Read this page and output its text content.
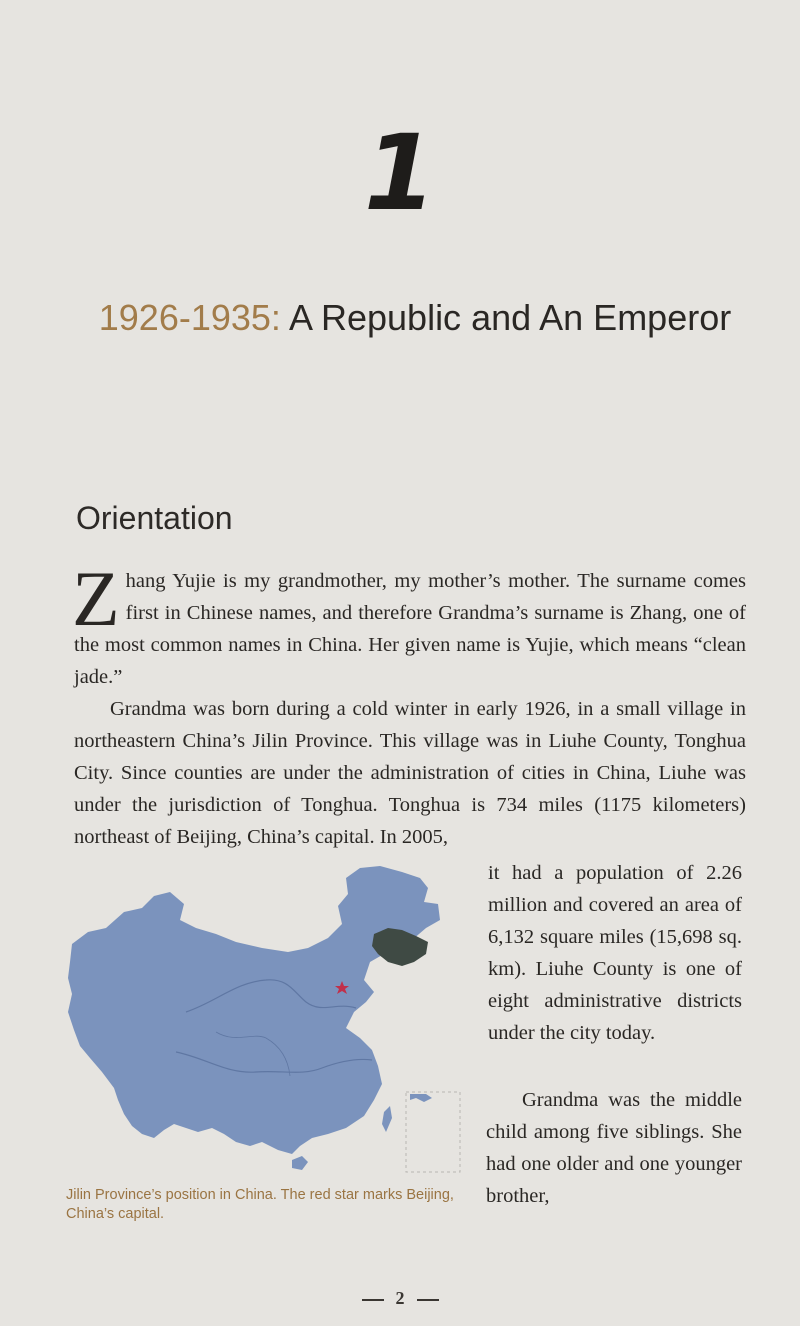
1
1926-1935: A Republic and An Emperor
Orientation

Zhang Yujie is my grandmother, my mother’s mother. The surname comes first in Chinese names, and therefore Grandma’s surname is Zhang, one of the most common names in China. Her given name is Yujie, which means “clean jade.”

Grandma was born during a cold winter in early 1926, in a small village in northeastern China’s Jilin Province. This village was in Liuhe County, Tonghua City. Since counties are under the administration of cities in China, Liuhe was under the jurisdiction of Tonghua. Tonghua is 734 miles (1175 kilometers) northeast of Beijing, China’s capital. In 2005,

it had a population of 2.26 million and covered an area of 6,132 square miles (15,698 sq. km). Liuhe County is one of eight administrative districts under the city today.

Grandma was the middle child among five siblings. She had one older and one younger brother,

Jilin Province’s position in China. The red star marks Beijing, China’s capital.
2
